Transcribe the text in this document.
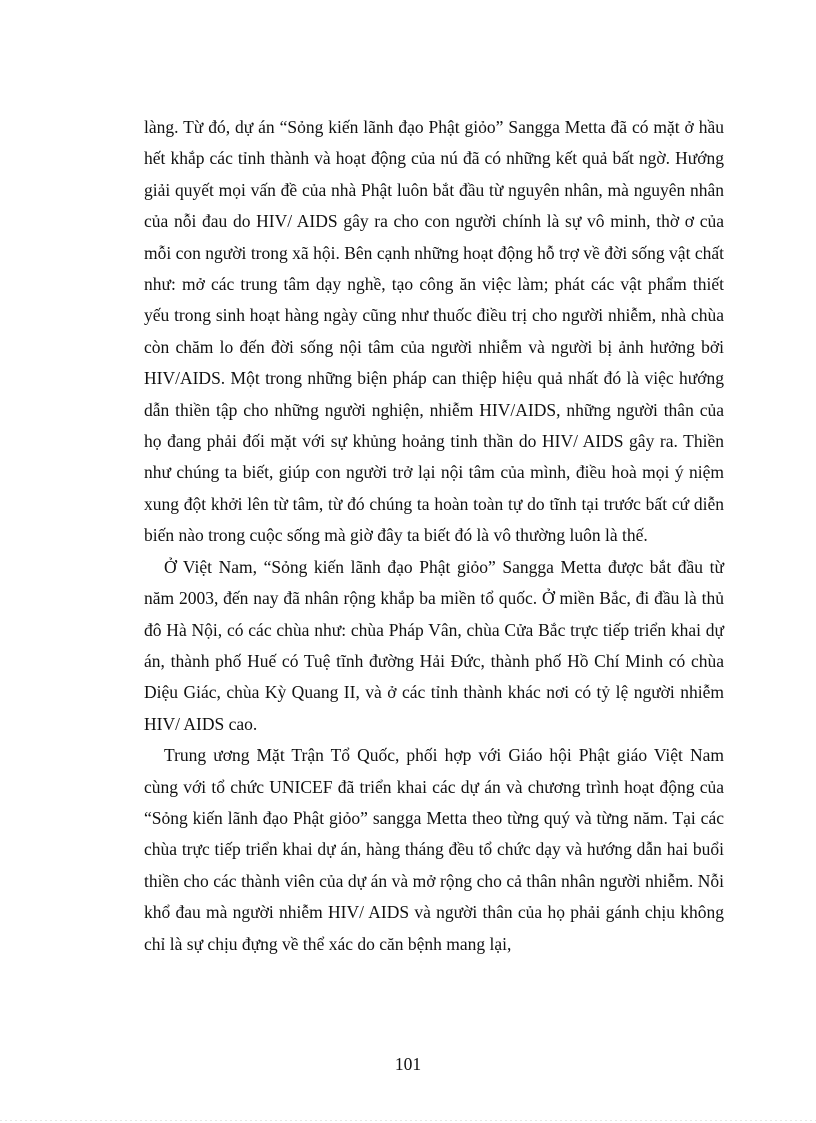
làng. Từ đó, dự án “Sỏng kiến lãnh đạo Phật giỏo” Sangga Metta đã có mặt ở hầu hết khắp các tỉnh thành và hoạt động của nú đã có những kết quả bất ngờ. Hướng giải quyết mọi vấn đề của nhà Phật luôn bắt đầu từ nguyên nhân, mà nguyên nhân của nỗi đau do HIV/ AIDS gây ra cho con người chính là sự vô minh, thờ ơ của mỗi con người trong xã hội. Bên cạnh những hoạt động hỗ trợ về đời sống vật chất như: mở các trung tâm dạy nghề, tạo công ăn việc làm; phát các vật phẩm thiết yếu trong sinh hoạt hàng ngày cũng như thuốc điều trị cho người nhiễm, nhà chùa còn chăm lo đến đời sống nội tâm của người nhiễm và người bị ảnh hưởng bởi HIV/AIDS. Một trong những biện pháp can thiệp hiệu quả nhất đó là việc hướng dẫn thiền tập cho những người nghiện, nhiễm HIV/AIDS, những người thân của họ đang phải đối mặt với sự khủng hoảng tinh thần do HIV/ AIDS gây ra. Thiền như chúng ta biết, giúp con người trở lại nội tâm của mình, điều hoà mọi ý niệm xung đột khởi lên từ tâm, từ đó chúng ta hoàn toàn tự do tĩnh tại trước bất cứ diễn biến nào trong cuộc sống mà giờ đây ta biết đó là vô thường luôn là thế.

Ở Việt Nam, “Sỏng kiến lãnh đạo Phật giỏo” Sangga Metta được bắt đầu từ năm 2003, đến nay đã nhân rộng khắp ba miền tổ quốc. Ở miền Bắc, đi đầu là thủ đô Hà Nội, có các chùa như: chùa Pháp Vân, chùa Cửa Bắc trực tiếp triển khai dự án, thành phố Huế có Tuệ tĩnh đường Hải Đức, thành phố Hồ Chí Minh có chùa Diệu Giác, chùa Kỳ Quang II, và ở các tỉnh thành khác nơi có tỷ lệ người nhiễm HIV/ AIDS cao.

Trung ương Mặt Trận Tổ Quốc, phối hợp với Giáo hội Phật giáo Việt Nam cùng với tổ chức UNICEF đã triển khai các dự án và chương trình hoạt động của “Sỏng kiến lãnh đạo Phật giỏo” sangga Metta theo từng quý và từng năm. Tại các chùa trực tiếp triển khai dự án, hàng tháng đều tổ chức dạy và hướng dẫn hai buổi thiền cho các thành viên của dự án và mở rộng cho cả thân nhân người nhiễm. Nỗi khổ đau mà người nhiễm HIV/ AIDS và người thân của họ phải gánh chịu không chỉ là sự chịu đựng về thể xác do căn bệnh mang lại,

101
